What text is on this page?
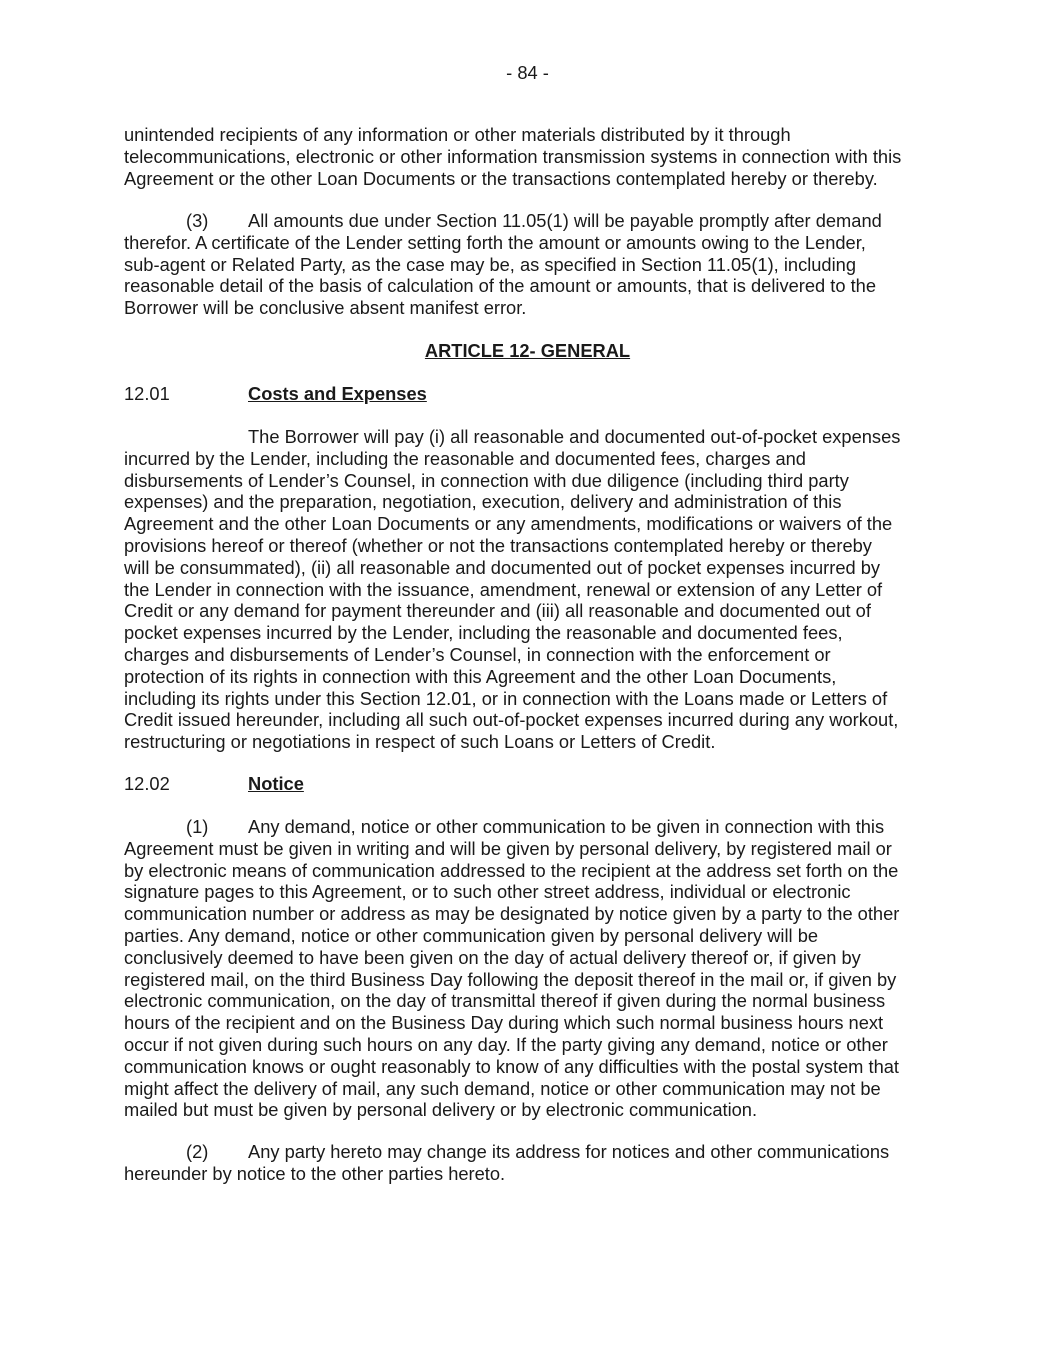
- 84 -
unintended recipients of any information or other materials distributed by it through
telecommunications, electronic or other information transmission systems in connection with this
Agreement or the other Loan Documents or the transactions contemplated hereby or thereby.
(3) All amounts due under Section 11.05(1) will be payable promptly after demand
therefor. A certificate of the Lender setting forth the amount or amounts owing to the Lender,
sub-agent or Related Party, as the case may be, as specified in Section 11.05(1), including
reasonable detail of the basis of calculation of the amount or amounts, that is delivered to the
Borrower will be conclusive absent manifest error.
ARTICLE 12- GENERAL
12.01	Costs and Expenses
The Borrower will pay (i) all reasonable and documented out-of-pocket expenses
incurred by the Lender, including the reasonable and documented fees, charges and
disbursements of Lender’s Counsel, in connection with due diligence (including third party
expenses) and the preparation, negotiation, execution, delivery and administration of this
Agreement and the other Loan Documents or any amendments, modifications or waivers of the
provisions hereof or thereof (whether or not the transactions contemplated hereby or thereby
will be consummated), (ii) all reasonable and documented out of pocket expenses incurred by
the Lender in connection with the issuance, amendment, renewal or extension of any Letter of
Credit or any demand for payment thereunder and (iii) all reasonable and documented out of
pocket expenses incurred by the Lender, including the reasonable and documented fees,
charges and disbursements of Lender’s Counsel, in connection with the enforcement or
protection of its rights in connection with this Agreement and the other Loan Documents,
including its rights under this Section 12.01, or in connection with the Loans made or Letters of
Credit issued hereunder, including all such out-of-pocket expenses incurred during any workout,
restructuring or negotiations in respect of such Loans or Letters of Credit.
12.02	Notice
(1) Any demand, notice or other communication to be given in connection with this
Agreement must be given in writing and will be given by personal delivery, by registered mail or
by electronic means of communication addressed to the recipient at the address set forth on the
signature pages to this Agreement, or to such other street address, individual or electronic
communication number or address as may be designated by notice given by a party to the other
parties. Any demand, notice or other communication given by personal delivery will be
conclusively deemed to have been given on the day of actual delivery thereof or, if given by
registered mail, on the third Business Day following the deposit thereof in the mail or, if given by
electronic communication, on the day of transmittal thereof if given during the normal business
hours of the recipient and on the Business Day during which such normal business hours next
occur if not given during such hours on any day. If the party giving any demand, notice or other
communication knows or ought reasonably to know of any difficulties with the postal system that
might affect the delivery of mail, any such demand, notice or other communication may not be
mailed but must be given by personal delivery or by electronic communication.
(2) Any party hereto may change its address for notices and other communications
hereunder by notice to the other parties hereto.
